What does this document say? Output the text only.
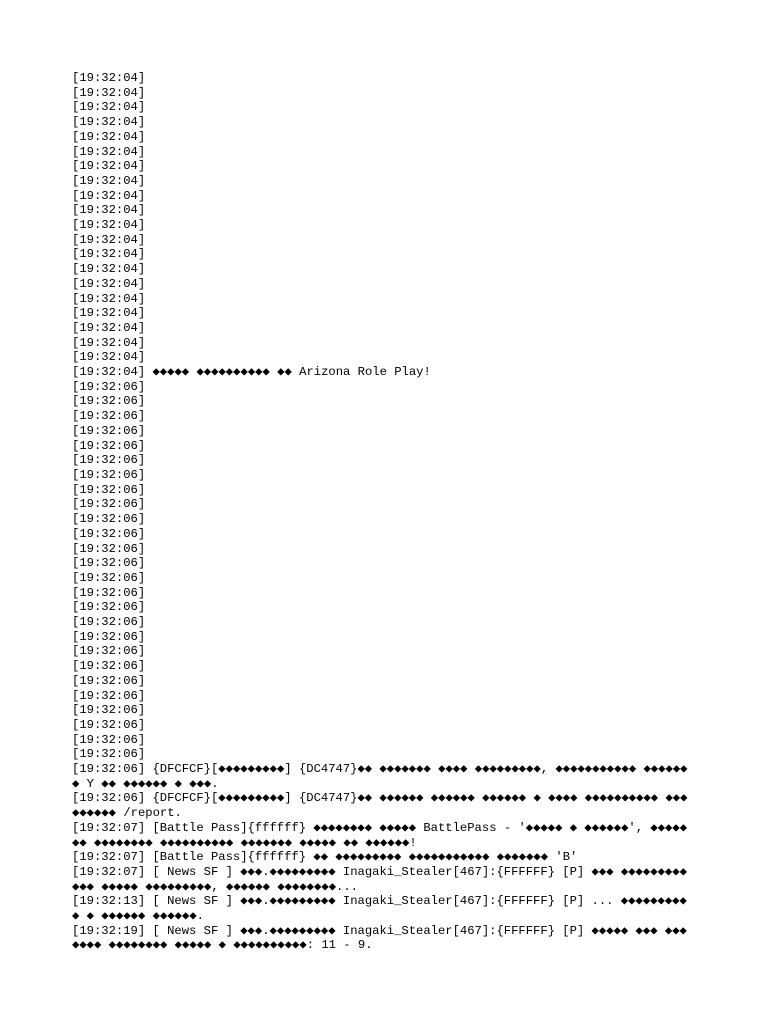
[19:32:04]
[19:32:04]
[19:32:04]
[19:32:04]
[19:32:04]
[19:32:04]
[19:32:04]
[19:32:04]
[19:32:04]
[19:32:04]
[19:32:04]
[19:32:04]
[19:32:04]
[19:32:04]
[19:32:04]
[19:32:04]
[19:32:04]
[19:32:04]
[19:32:04]
[19:32:04]
[19:32:04] ◆◆◆◆◆ ◆◆◆◆◆◆◆◆◆◆ ◆◆ Arizona Role Play!
[19:32:06]
[19:32:06]
[19:32:06]
[19:32:06]
[19:32:06]
[19:32:06]
[19:32:06]
[19:32:06]
[19:32:06]
[19:32:06]
[19:32:06]
[19:32:06]
[19:32:06]
[19:32:06]
[19:32:06]
[19:32:06]
[19:32:06]
[19:32:06]
[19:32:06]
[19:32:06]
[19:32:06]
[19:32:06]
[19:32:06]
[19:32:06]
[19:32:06]
[19:32:06]
[19:32:06] {DFCFCF}[◆◆◆◆◆◆◆◆◆] {DC4747}◆◆ ◆◆◆◆◆◆◆ ◆◆◆◆ ◆◆◆◆◆◆◆◆◆, ◆◆◆◆◆◆◆◆◆◆◆ ◆◆◆◆◆◆◆ Y ◆◆ ◆◆◆◆◆◆ ◆ ◆◆◆.
[19:32:06] {DFCFCF}[◆◆◆◆◆◆◆◆◆] {DC4747}◆◆ ◆◆◆◆◆◆ ◆◆◆◆◆◆ ◆◆◆◆◆◆ ◆ ◆◆◆◆ ◆◆◆◆◆◆◆◆◆◆ ◆◆◆◆◆◆◆◆◆ /report.
[19:32:07] [Battle Pass]{ffffff} ◆◆◆◆◆◆◆◆ ◆◆◆◆◆ BattlePass - '◆◆◆◆◆ ◆ ◆◆◆◆◆◆', ◆◆◆◆◆◆◆ ◆◆◆◆◆◆◆◆ ◆◆◆◆◆◆◆◆◆◆ ◆◆◆◆◆◆◆ ◆◆◆◆◆ ◆◆ ◆◆◆◆◆◆!
[19:32:07] [Battle Pass]{ffffff} ◆◆ ◆◆◆◆◆◆◆◆◆ ◆◆◆◆◆◆◆◆◆◆◆ ◆◆◆◆◆◆◆ 'B'
[19:32:07] [ News SF ] ◆◆◆.◆◆◆◆◆◆◆◆◆ Inagaki_Stealer[467]:{FFFFFF} [P] ◆◆◆ ◆◆◆◆◆◆◆◆◆◆◆◆ ◆◆◆◆◆ ◆◆◆◆◆◆◆◆◆, ◆◆◆◆◆◆ ◆◆◆◆◆◆◆◆...
[19:32:13] [ News SF ] ◆◆◆.◆◆◆◆◆◆◆◆◆ Inagaki_Stealer[467]:{FFFFFF} [P] ... ◆◆◆◆◆◆◆◆◆◆ ◆ ◆◆◆◆◆◆ ◆◆◆◆◆◆.
[19:32:19] [ News SF ] ◆◆◆.◆◆◆◆◆◆◆◆◆ Inagaki_Stealer[467]:{FFFFFF} [P] ◆◆◆◆◆ ◆◆◆ ◆◆◆◆◆◆◆ ◆◆◆◆◆◆◆◆ ◆◆◆◆◆ ◆ ◆◆◆◆◆◆◆◆◆◆: 11 - 9.
